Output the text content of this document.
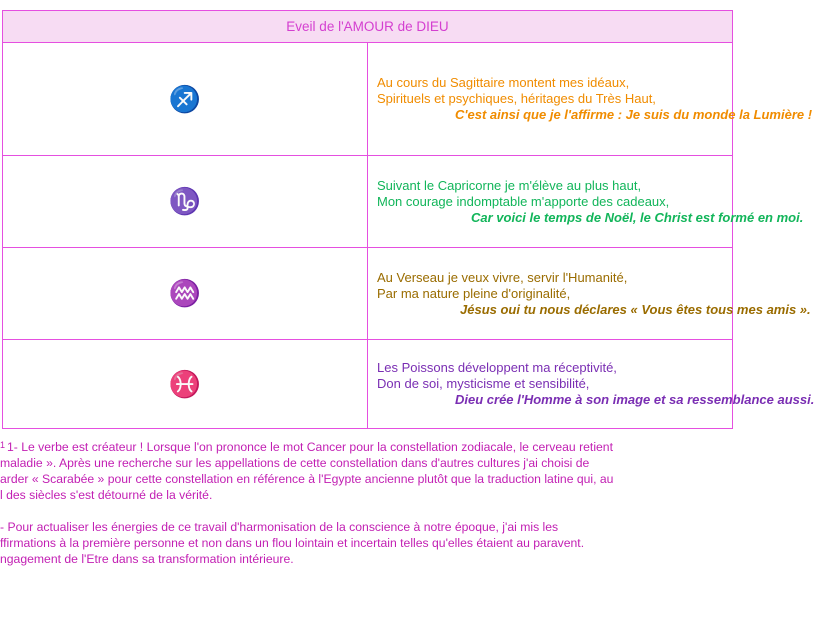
Eveil de l'AMOUR de DIEU	
♐	Au cours du Sagittaire montent mes idéaux,
Spirituels et psychiques, héritages du Très Haut,
C'est ainsi que je l'affirme : Je suis du monde la Lumière !

♑	Suivant le Capricorne je m'élève au plus haut,
Mon courage indomptable m'apporte des cadeaux,
Car voici le temps de Noël, le Christ est formé en moi.

♒	Au Verseau je veux vivre, servir l'Humanité,
Par ma nature pleine d'originalité,
Jésus oui tu nous déclares « Vous êtes tous mes amis ».

♓	Les Poissons développent ma réceptivité,
Don de soi, mysticisme et sensibilité,
Dieu crée l'Homme à son image et sa ressemblance aussi.

$^1$ 1- Le verbe est créateur ! Lorsque l'on prononce le mot Cancer pour la constellation zodiacale, le cerveau retient

maladie ». Après une recherche sur les appellations de cette constellation dans d'autres cultures j'ai choisi de

arder « Scarabée » pour cette constellation en référence à l'Egypte ancienne plutôt que la traduction latine qui, au

l des siècles s'est détourné de la vérité.

- Pour actualiser les énergies de ce travail d'harmonisation de la conscience à notre époque, j'ai mis les

ffirmations à la première personne et non dans un flou lointain et incertain telles qu'elles étaient au paravent.

ngagement de l'Etre dans sa transformation intérieure.
